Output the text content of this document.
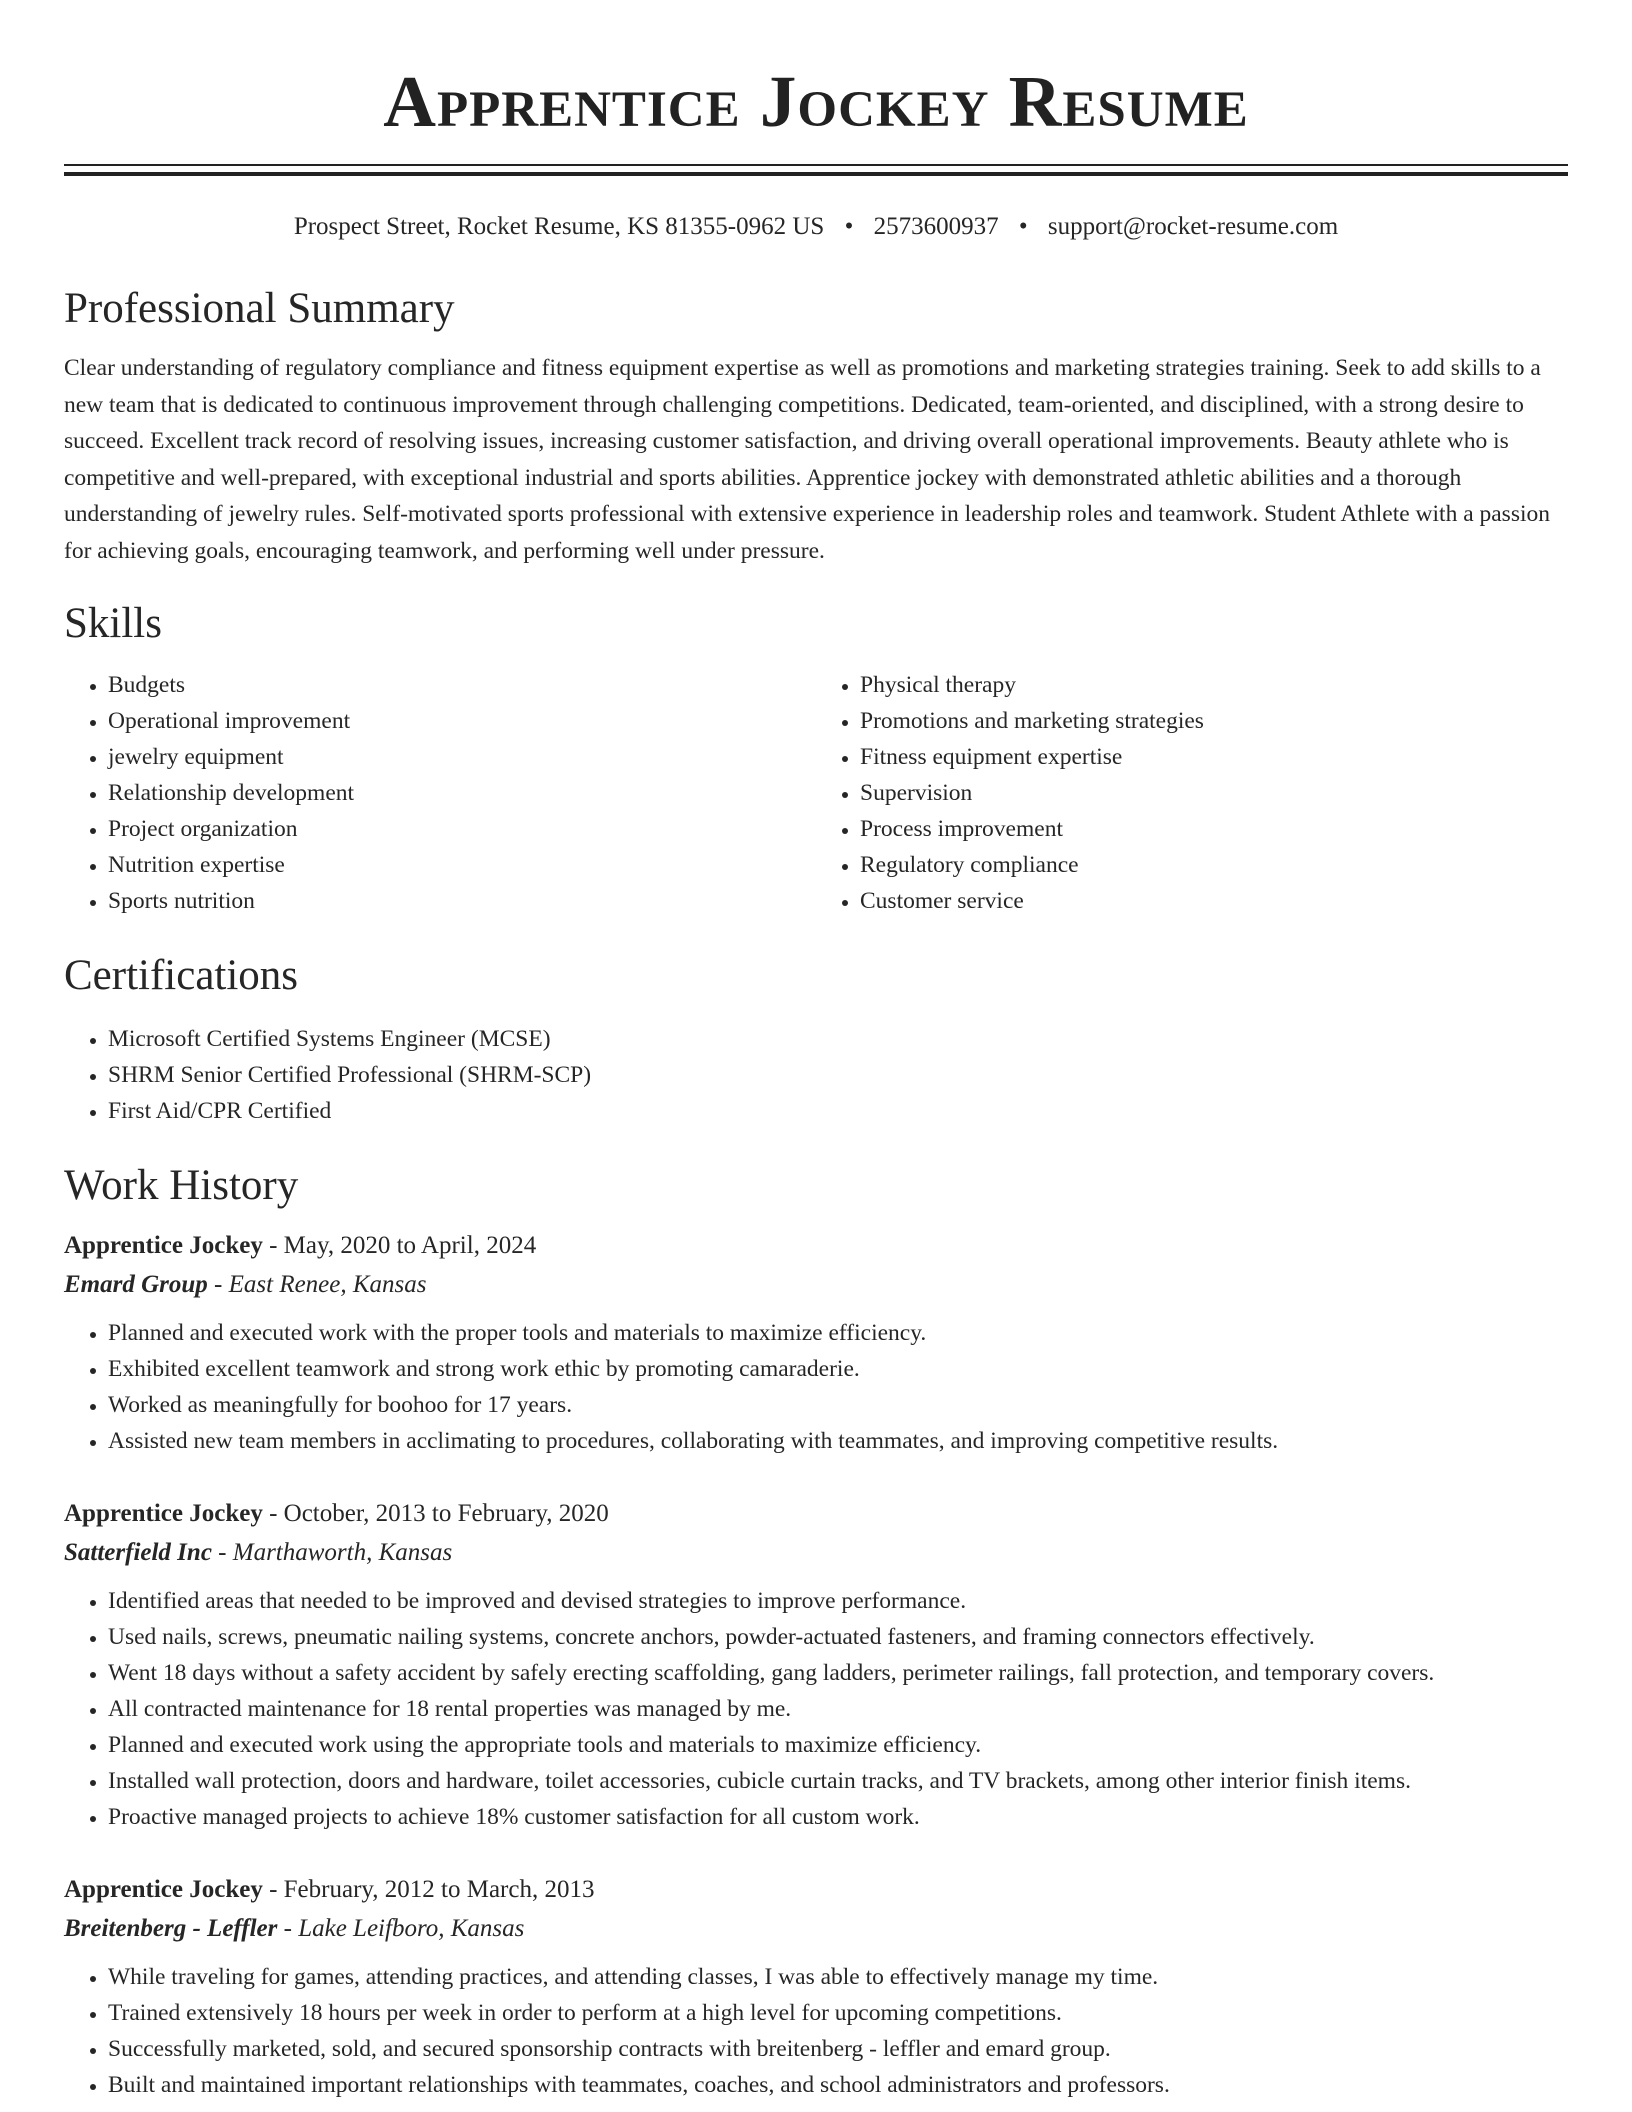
Apprentice Jockey Resume
Prospect Street, Rocket Resume, KS 81355-0962 US • 2573600937 • support@rocket-resume.com
Professional Summary

Clear understanding of regulatory compliance and fitness equipment expertise as well as promotions and marketing strategies training. Seek to add skills to a new team that is dedicated to continuous improvement through challenging competitions. Dedicated, team-oriented, and disciplined, with a strong desire to succeed. Excellent track record of resolving issues, increasing customer satisfaction, and driving overall operational improvements. Beauty athlete who is competitive and well-prepared, with exceptional industrial and sports abilities. Apprentice jockey with demonstrated athletic abilities and a thorough understanding of jewelry rules. Self-motivated sports professional with extensive experience in leadership roles and teamwork. Student Athlete with a passion for achieving goals, encouraging teamwork, and performing well under pressure.

Skills
• Budgets
• Operational improvement
• jewelry equipment
• Relationship development
• Project organization
• Nutrition expertise
• Sports nutrition
• Physical therapy
• Promotions and marketing strategies
• Fitness equipment expertise
• Supervision
• Process improvement
• Regulatory compliance
• Customer service
Certifications
• Microsoft Certified Systems Engineer (MCSE)
• SHRM Senior Certified Professional (SHRM-SCP)
• First Aid/CPR Certified
Work History
Apprentice Jockey - May, 2020 to April, 2024
Emard Group - East Renee, Kansas
• Planned and executed work with the proper tools and materials to maximize efficiency.
• Exhibited excellent teamwork and strong work ethic by promoting camaraderie.
• Worked as meaningfully for boohoo for 17 years.
• Assisted new team members in acclimating to procedures, collaborating with teammates, and improving competitive results.
Apprentice Jockey - October, 2013 to February, 2020
Satterfield Inc - Marthaworth, Kansas
• Identified areas that needed to be improved and devised strategies to improve performance.
• Used nails, screws, pneumatic nailing systems, concrete anchors, powder-actuated fasteners, and framing connectors effectively.
• Went 18 days without a safety accident by safely erecting scaffolding, gang ladders, perimeter railings, fall protection, and temporary covers.
• All contracted maintenance for 18 rental properties was managed by me.
• Planned and executed work using the appropriate tools and materials to maximize efficiency.
• Installed wall protection, doors and hardware, toilet accessories, cubicle curtain tracks, and TV brackets, among other interior finish items.
• Proactive managed projects to achieve 18% customer satisfaction for all custom work.
Apprentice Jockey - February, 2012 to March, 2013
Breitenberg - Leffler - Lake Leifboro, Kansas
• While traveling for games, attending practices, and attending classes, I was able to effectively manage my time.
• Trained extensively 18 hours per week in order to perform at a high level for upcoming competitions.
• Successfully marketed, sold, and secured sponsorship contracts with breitenberg - leffler and emard group.
• Built and maintained important relationships with teammates, coaches, and school administrators and professors.
